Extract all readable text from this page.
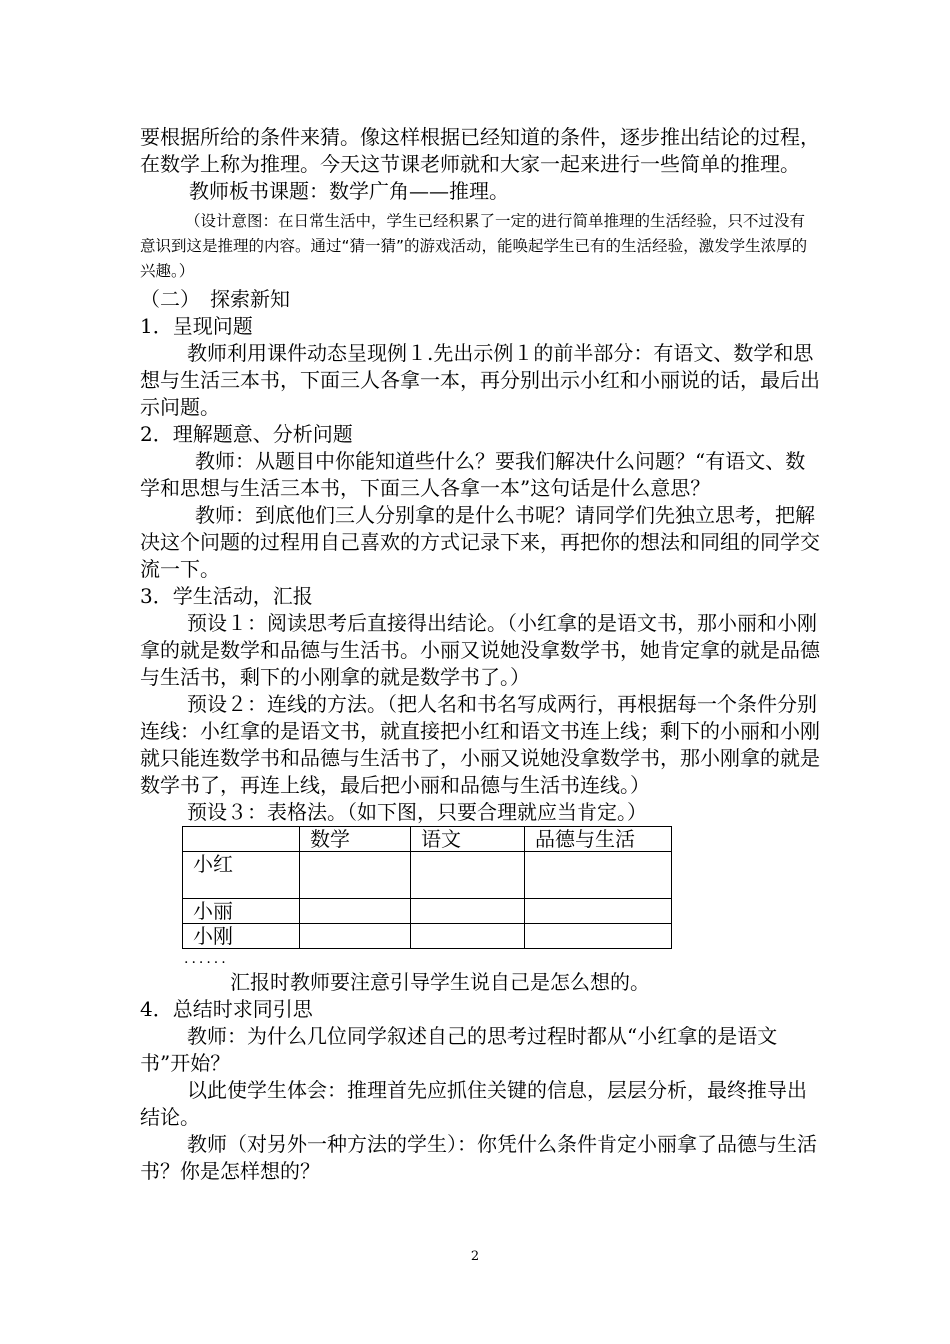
要根据所给的条件来猜。像这样根据已经知道的条件，逐步推出结论的过程，在数学上称为推理。今天这节课老师就和大家一起来进行一些简单的推理。

教师板书课题：数学广角——推理。

（设计意图：在日常生活中，学生已经积累了一定的进行简单推理的生活经验，只不过没有意识到这是推理的内容。通过“猜一猜”的游戏活动，能唤起学生已有的生活经验，激发学生浓厚的兴趣。）

（二）　探索新知

1．呈现问题

教师利用课件动态呈现例１.先出示例１的前半部分：有语文、数学和思想与生活三本书，下面三人各拿一本，再分别出示小红和小丽说的话，最后出示问题。

2．理解题意、分析问题

教师：从题目中你能知道些什么？要我们解决什么问题？“有语文、数学和思想与生活三本书，下面三人各拿一本”这句话是什么意思？

教师：到底他们三人分别拿的是什么书呢？请同学们先独立思考，把解决这个问题的过程用自己喜欢的方式记录下来，再把你的想法和同组的同学交流一下。

3．学生活动，汇报

预设１：阅读思考后直接得出结论。（小红拿的是语文书，那小丽和小刚拿的就是数学和品德与生活书。小丽又说她没拿数学书，她肯定拿的就是品德与生活书，剩下的小刚拿的就是数学书了。）

预设２：连线的方法。（把人名和书名写成两行，再根据每一个条件分别连线：小红拿的是语文书，就直接把小红和语文书连上线；剩下的小丽和小刚就只能连数学书和品德与生活书了，小丽又说她没拿数学书，那小刚拿的就是数学书了，再连上线，最后把小丽和品德与生活书连线。）

预设３：表格法。（如下图，只要合理就应当肯定。）

	数学	语文	品德与生活
小红			
小丽			
小刚			
......

汇报时教师要注意引导学生说自己是怎么想的。

4．总结时求同引思

教师：为什么几位同学叙述自己的思考过程时都从“小红拿的是语文书”开始？

以此使学生体会：推理首先应抓住关键的信息，层层分析，最终推导出结论。

教师（对另外一种方法的学生）：你凭什么条件肯定小丽拿了品德与生活书？你是怎样想的？

2
